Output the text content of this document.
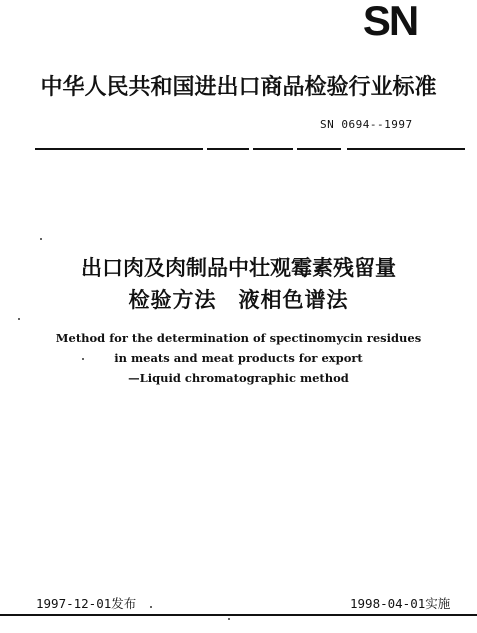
SN
中华人民共和国进出口商品检验行业标准
SN 0694--1997
出口肉及肉制品中壮观霉素残留量
检验方法 液相色谱法
Method for the determination of spectinomycin residues
in meats and meat products for export
—Liquid chromatographic method
1997-12-01发布	1998-04-01实施
